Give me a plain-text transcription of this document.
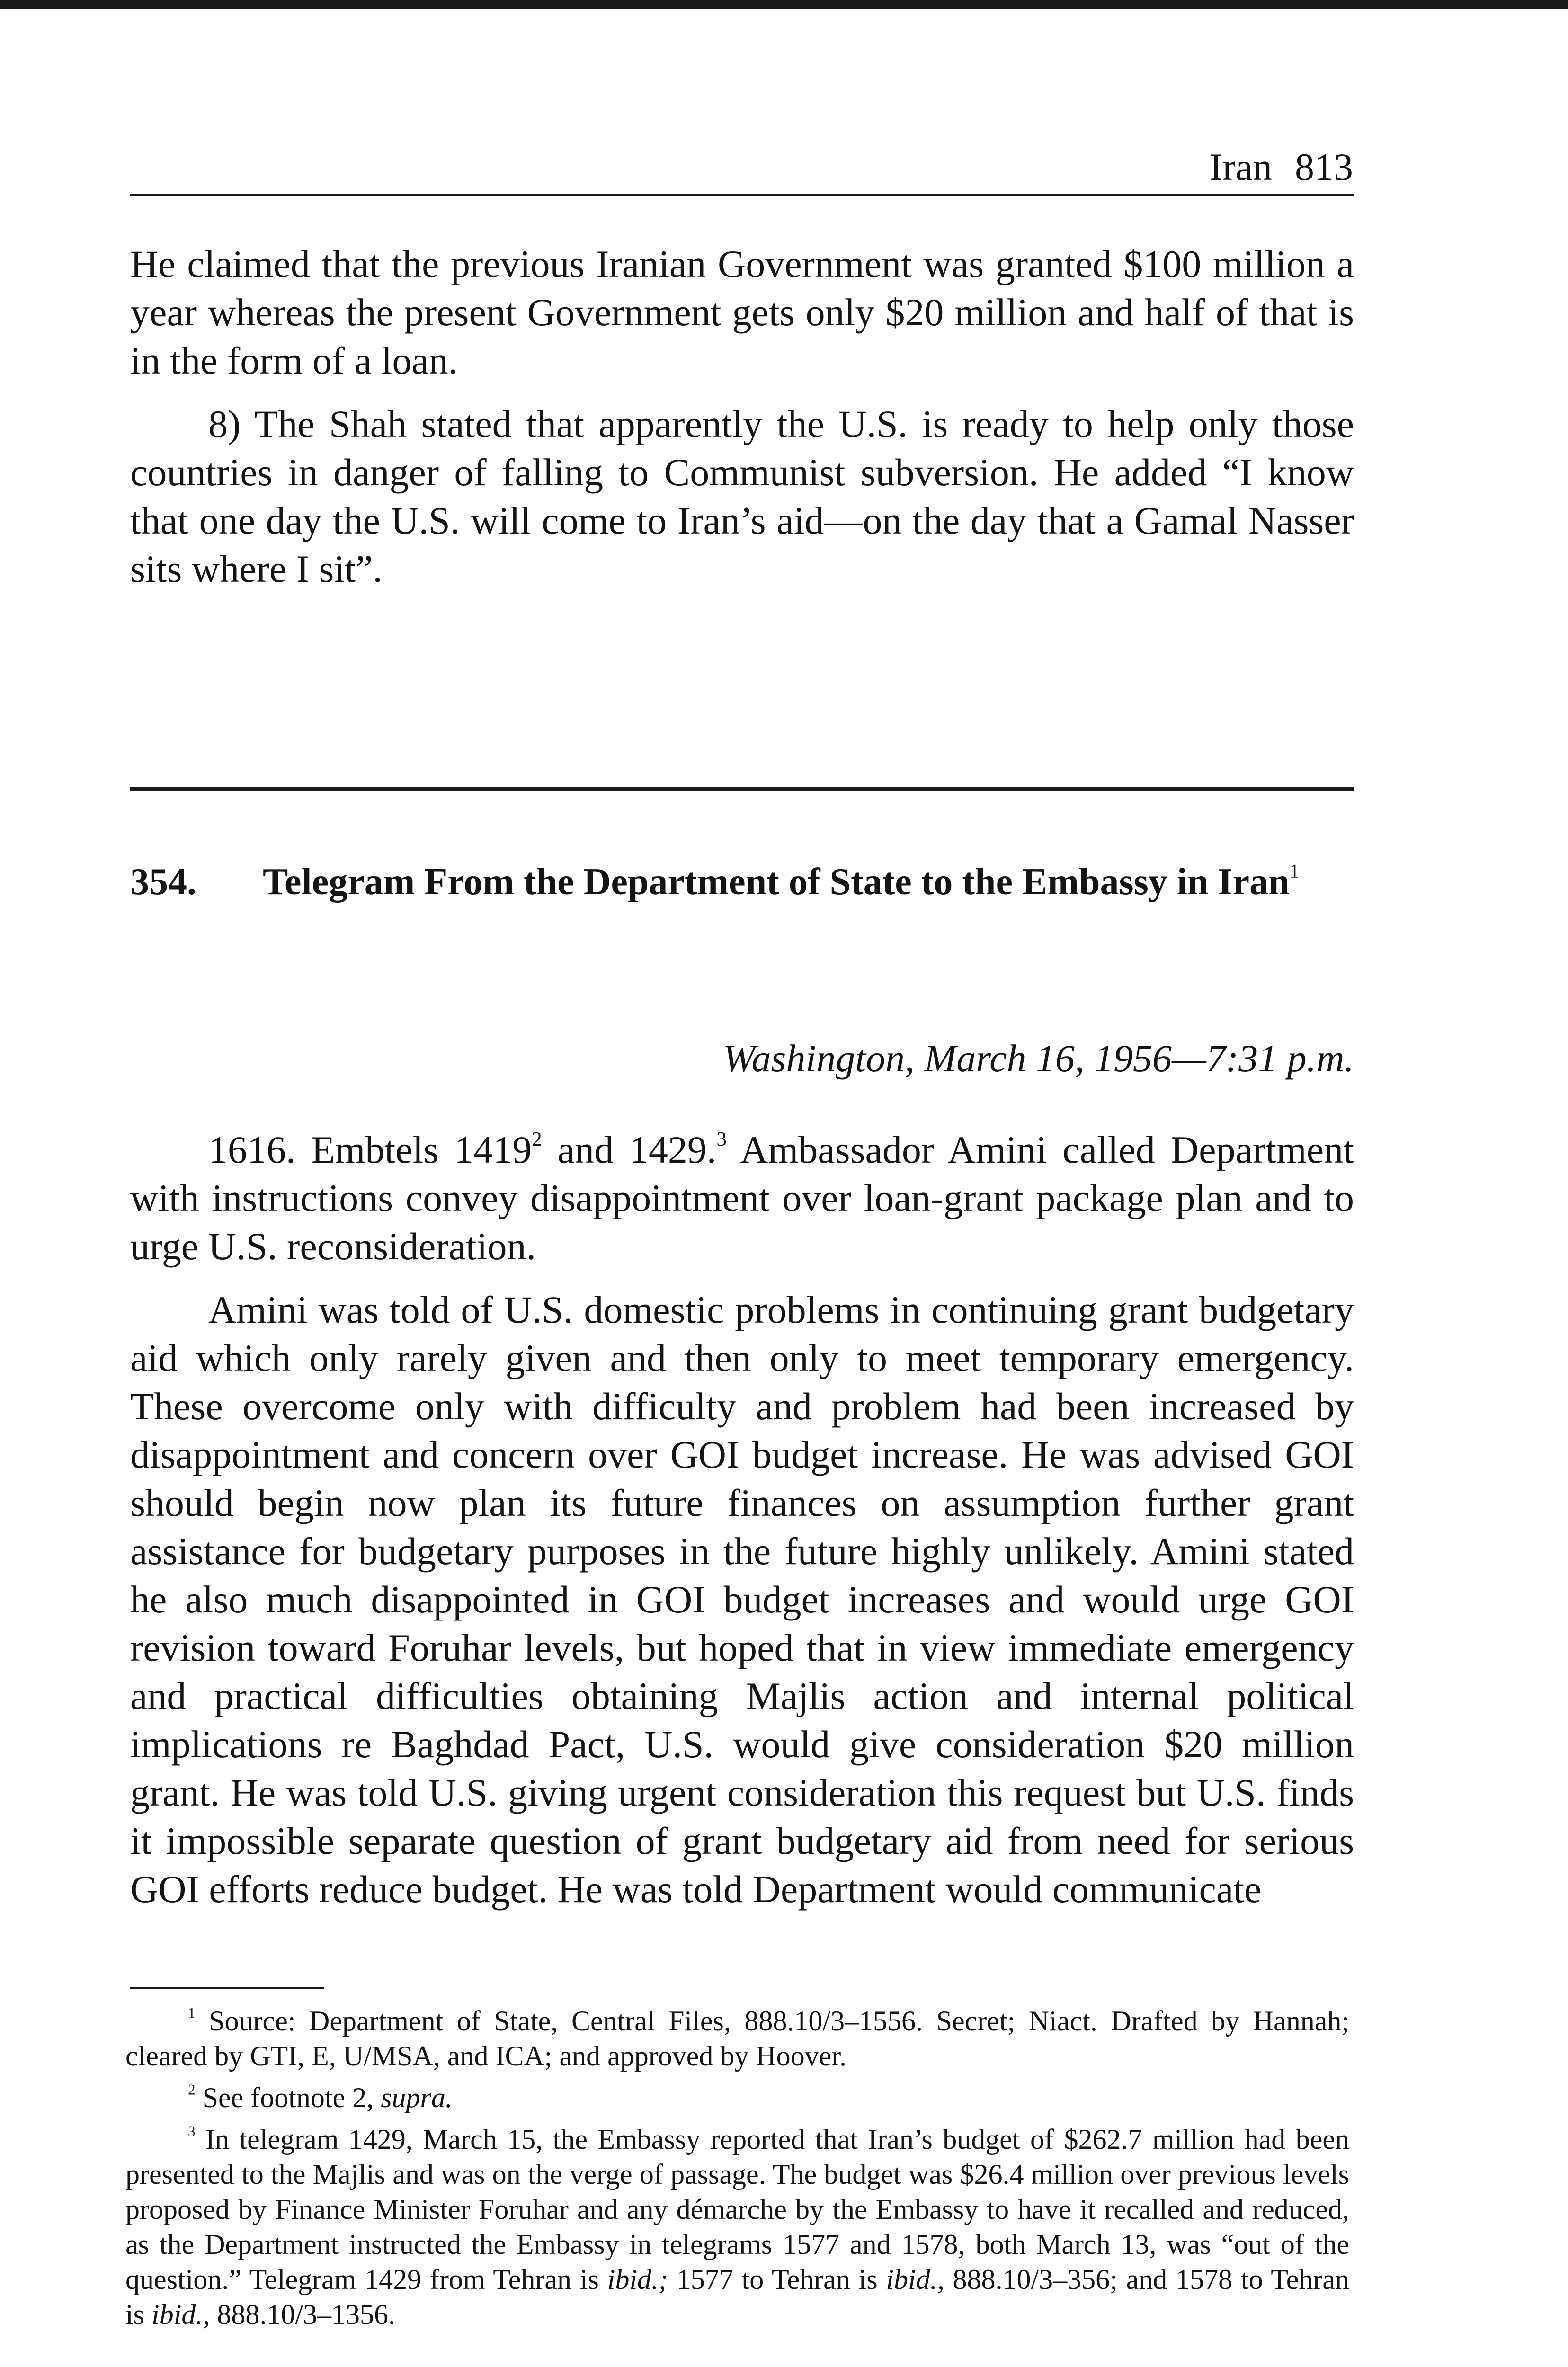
Iran 813

He claimed that the previous Iranian Government was granted $100 million a year whereas the present Government gets only $20 million and half of that is in the form of a loan.

8) The Shah stated that apparently the U.S. is ready to help only those countries in danger of falling to Communist subversion. He added “I know that one day the U.S. will come to Iran’s aid—on the day that a Gamal Nasser sits where I sit”.

354. Telegram From the Department of State to the Embassy in Iran$^1$
Washington, March 16, 1956—7:31 p.m.

1616. Embtels 1419$^2$ and 1429.$^3$ Ambassador Amini called Department with instructions convey disappointment over loan-grant package plan and to urge U.S. reconsideration.

Amini was told of U.S. domestic problems in continuing grant budgetary aid which only rarely given and then only to meet temporary emergency. These overcome only with difficulty and problem had been increased by disappointment and concern over GOI budget increase. He was advised GOI should begin now plan its future finances on assumption further grant assistance for budgetary purposes in the future highly unlikely. Amini stated he also much disappointed in GOI budget increases and would urge GOI revision toward Foruhar levels, but hoped that in view immediate emergency and practical difficulties obtaining Majlis action and internal political implications re Baghdad Pact, U.S. would give consideration $20 million grant. He was told U.S. giving urgent consideration this request but U.S. finds it impossible separate question of grant budgetary aid from need for serious GOI efforts reduce budget. He was told Department would communicate

$^1$ Source: Department of State, Central Files, 888.10/3–1556. Secret; Niact. Drafted by Hannah; cleared by GTI, E, U/MSA, and ICA; and approved by Hoover.

$^2$ See footnote 2, supra.

$^3$ In telegram 1429, March 15, the Embassy reported that Iran’s budget of $262.7 million had been presented to the Majlis and was on the verge of passage. The budget was $26.4 million over previous levels proposed by Finance Minister Foruhar and any démarche by the Embassy to have it recalled and reduced, as the Department instructed the Embassy in telegrams 1577 and 1578, both March 13, was “out of the question.” Telegram 1429 from Tehran is ibid.; 1577 to Tehran is ibid., 888.10/3–356; and 1578 to Tehran is ibid., 888.10/3–1356.
